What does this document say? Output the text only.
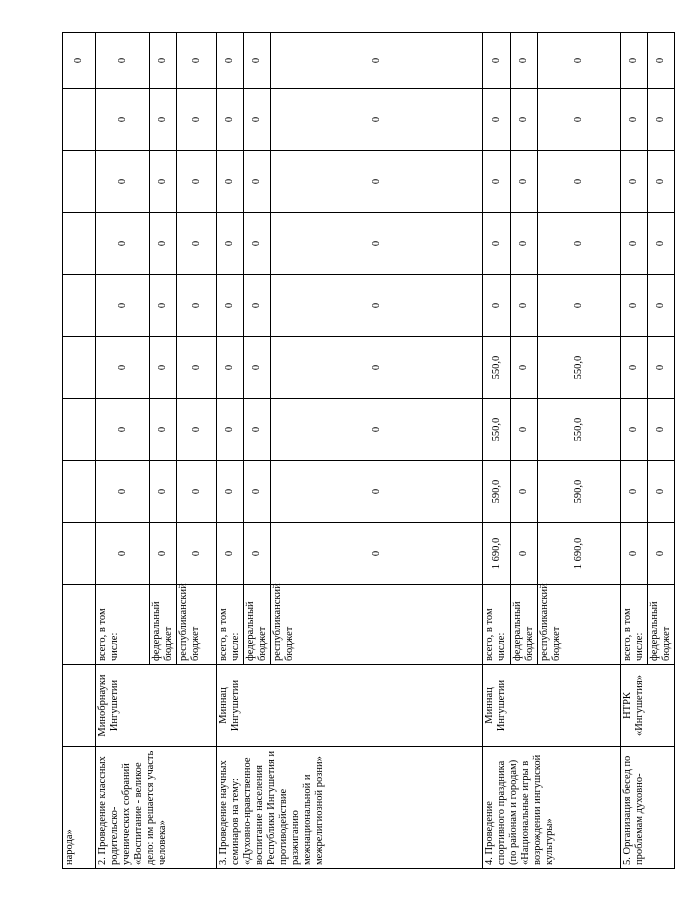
народа»											0
2. Проведение классных родительско-ученических собраний «Воспитание - великое дело: им решается участь человека»	Минобрнауки Ингушетии	всего, в том числе:	0	0	0	0	0	0	0	0	0
		федеральный бюджет	0	0	0	0	0	0	0	0	0
		республиканский бюджет	0	0	0	0	0	0	0	0	0
3. Проведение научных семинаров на тему: «Духовно-нравственное воспитание населения Республики Ингушетия и противодействие разжиганию межнациональной и межрелигиозной розни»	Миннац Ингушетии	всего, в том числе:	0	0	0	0	0	0	0	0	0
		федеральный бюджет	0	0	0	0	0	0	0	0	0
		республиканский бюджет	0	0	0	0	0	0	0	0	0
4. Проведение спортивного праздника (по районам и городам) «Национальные игры в возрождении ингушской культуры»	Миннац Ингушетии	всего, в том числе:	1 690,0	590,0	550,0	550,0	0	0	0	0	0
		федеральный бюджет	0	0	0	0	0	0	0	0	0
		республиканский бюджет	1 690,0	590,0	550,0	550,0	0	0	0	0	0
5. Организация бесед по проблемам духовно-	НТРК «Ингушетия»	всего, в том числе:	0	0	0	0	0	0	0	0	0
		федеральный бюджет	0	0	0	0	0	0	0	0	0
